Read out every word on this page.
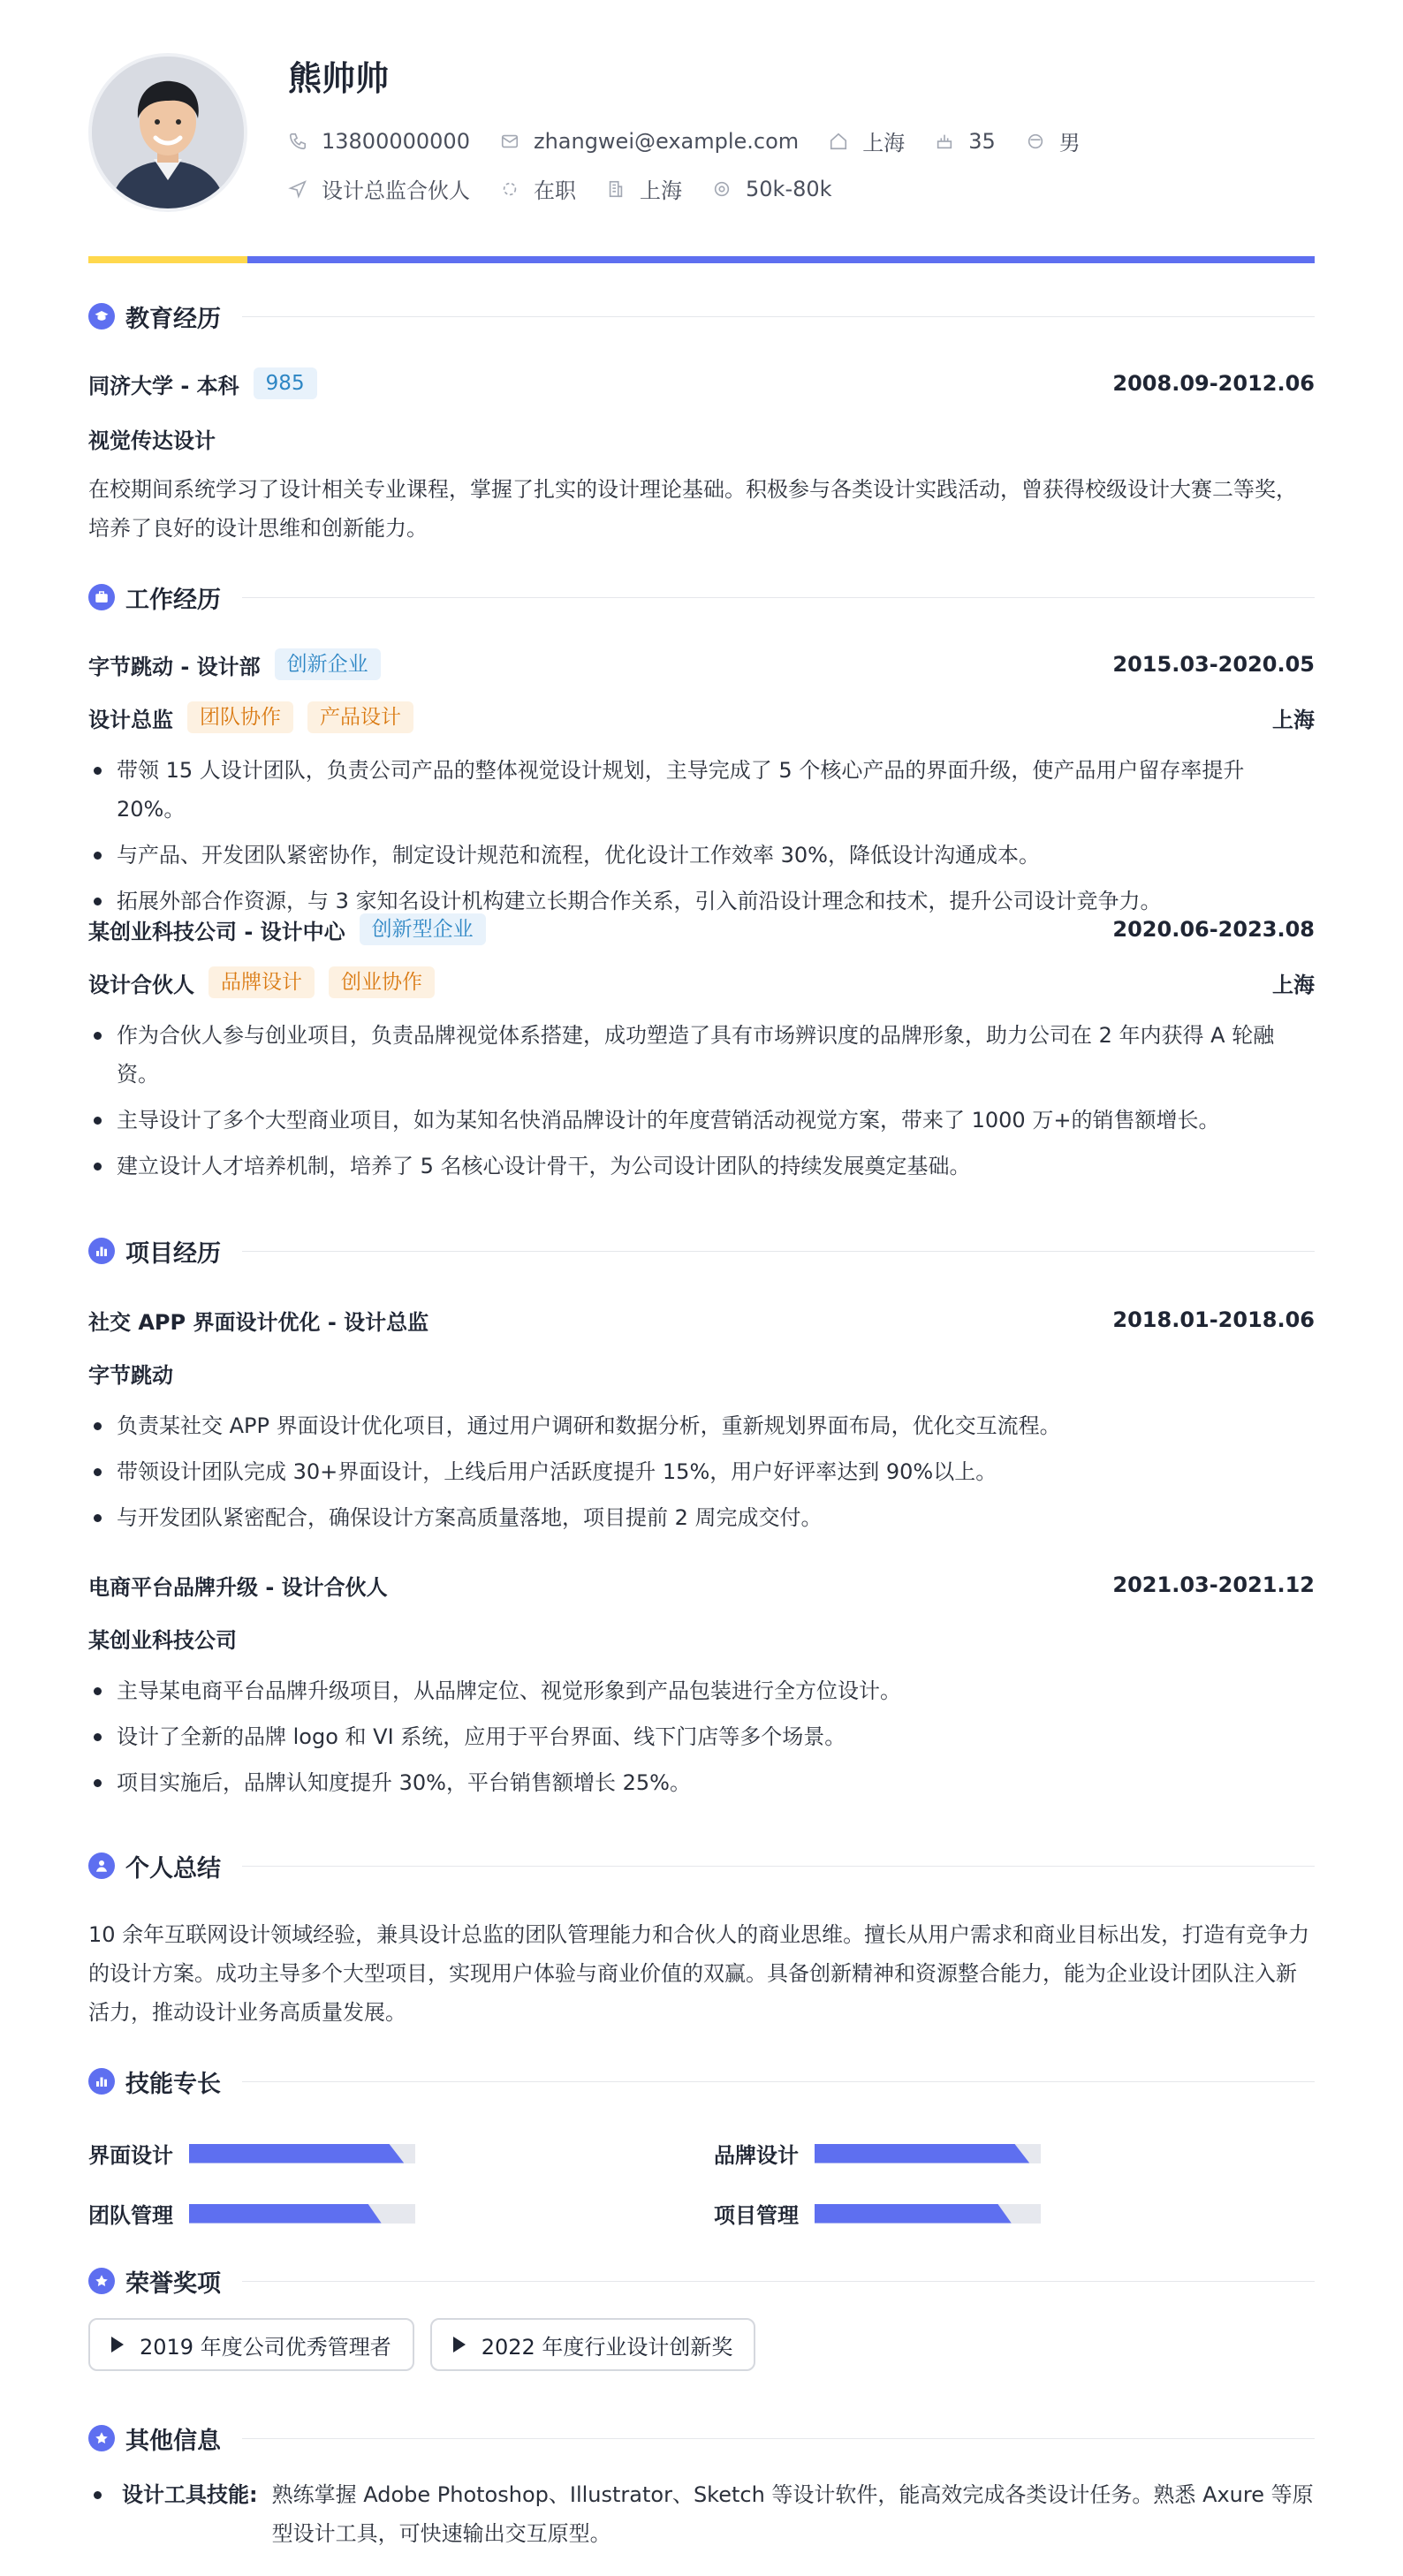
熊帅帅
13800000000	zhangwei@example.com	上海	35	男
设计总监合伙人	在职	上海	50k-80k
教育经历
同济大学 - 本科	985	2008.09-2012.06
视觉传达设计
在校期间系统学习了设计相关专业课程，掌握了扎实的设计理论基础。积极参与各类设计实践活动，曾获得校级设计大赛二等奖，培养了良好的设计思维和创新能力。
工作经历
字节跳动 - 设计部	创新企业	2015.03-2020.05
设计总监	团队协作	产品设计	上海
带领 15 人设计团队，负责公司产品的整体视觉设计规划，主导完成了 5 个核心产品的界面升级，使产品用户留存率提升 20%。
与产品、开发团队紧密协作，制定设计规范和流程，优化设计工作效率 30%，降低设计沟通成本。
拓展外部合作资源，与 3 家知名设计机构建立长期合作关系，引入前沿设计理念和技术，提升公司设计竞争力。
某创业科技公司 - 设计中心	创新型企业	2020.06-2023.08
设计合伙人	品牌设计	创业协作	上海
作为合伙人参与创业项目，负责品牌视觉体系搭建，成功塑造了具有市场辨识度的品牌形象，助力公司在 2 年内获得 A 轮融资。
主导设计了多个大型商业项目，如为某知名快消品牌设计的年度营销活动视觉方案，带来了 1000 万+的销售额增长。
建立设计人才培养机制，培养了 5 名核心设计骨干，为公司设计团队的持续发展奠定基础。
项目经历
社交 APP 界面设计优化 - 设计总监	2018.01-2018.06
字节跳动
负责某社交 APP 界面设计优化项目，通过用户调研和数据分析，重新规划界面布局，优化交互流程。
带领设计团队完成 30+界面设计，上线后用户活跃度提升 15%，用户好评率达到 90%以上。
与开发团队紧密配合，确保设计方案高质量落地，项目提前 2 周完成交付。
电商平台品牌升级 - 设计合伙人	2021.03-2021.12
某创业科技公司
主导某电商平台品牌升级项目，从品牌定位、视觉形象到产品包装进行全方位设计。
设计了全新的品牌 logo 和 VI 系统，应用于平台界面、线下门店等多个场景。
项目实施后，品牌认知度提升 30%，平台销售额增长 25%。
个人总结
10 余年互联网设计领域经验，兼具设计总监的团队管理能力和合伙人的商业思维。擅长从用户需求和商业目标出发，打造有竞争力的设计方案。成功主导多个大型项目，实现用户体验与商业价值的双赢。具备创新精神和资源整合能力，能为企业设计团队注入新活力，推动设计业务高质量发展。
技能专长
界面设计	品牌设计
团队管理	项目管理
荣誉奖项
2019 年度公司优秀管理者	2022 年度行业设计创新奖
其他信息
设计工具技能: 熟练掌握 Adobe Photoshop、Illustrator、Sketch 等设计软件，能高效完成各类设计任务。熟悉 Axure 等原型设计工具，可快速输出交互原型。
